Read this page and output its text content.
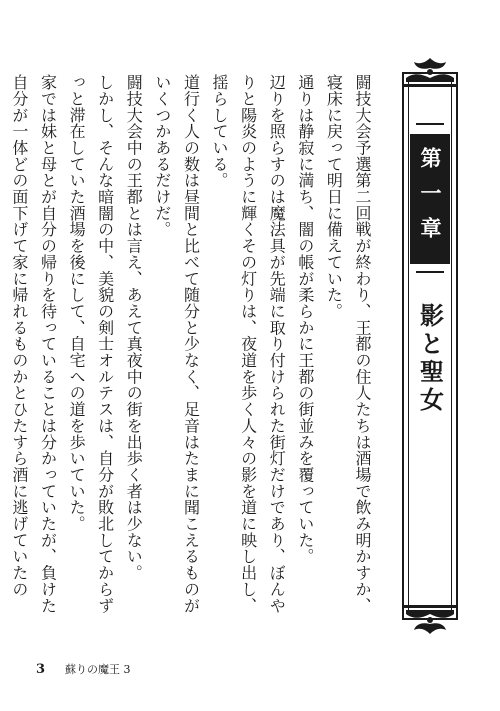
第一章
影と聖女

闘技大会予選第二回戦が終わり、王都の住人たちは酒場で飲み明かすか、寝床に戻って明日に備えていた。

通りは静寂に満ち、闇の帳が柔らかに王都の街並みを覆っていた。

辺りを照らすのは魔法具が先端に取り付けられた街灯だけであり、ぼんやりと陽炎のように輝くその灯りは、夜道を歩く人々の影を道に映し出し、揺らしている。

道行く人の数は昼間と比べて随分と少なく、足音はたまに聞こえるものがいくつかあるだけだ。

闘技大会中の王都とは言え、あえて真夜中の街を出歩く者は少ない。

しかし、そんな暗闇の中、美貌の剣士オルテスは、自分が敗北してからずっと滞在していた酒場を後にして、自宅への道を歩いていた。

家では妹と母とが自分の帰りを待っていることは分かっていたが、負けた自分が一体どの面下げて家に帰れるものかとひたすら酒に逃げていたの

3 蘇りの魔王 3
